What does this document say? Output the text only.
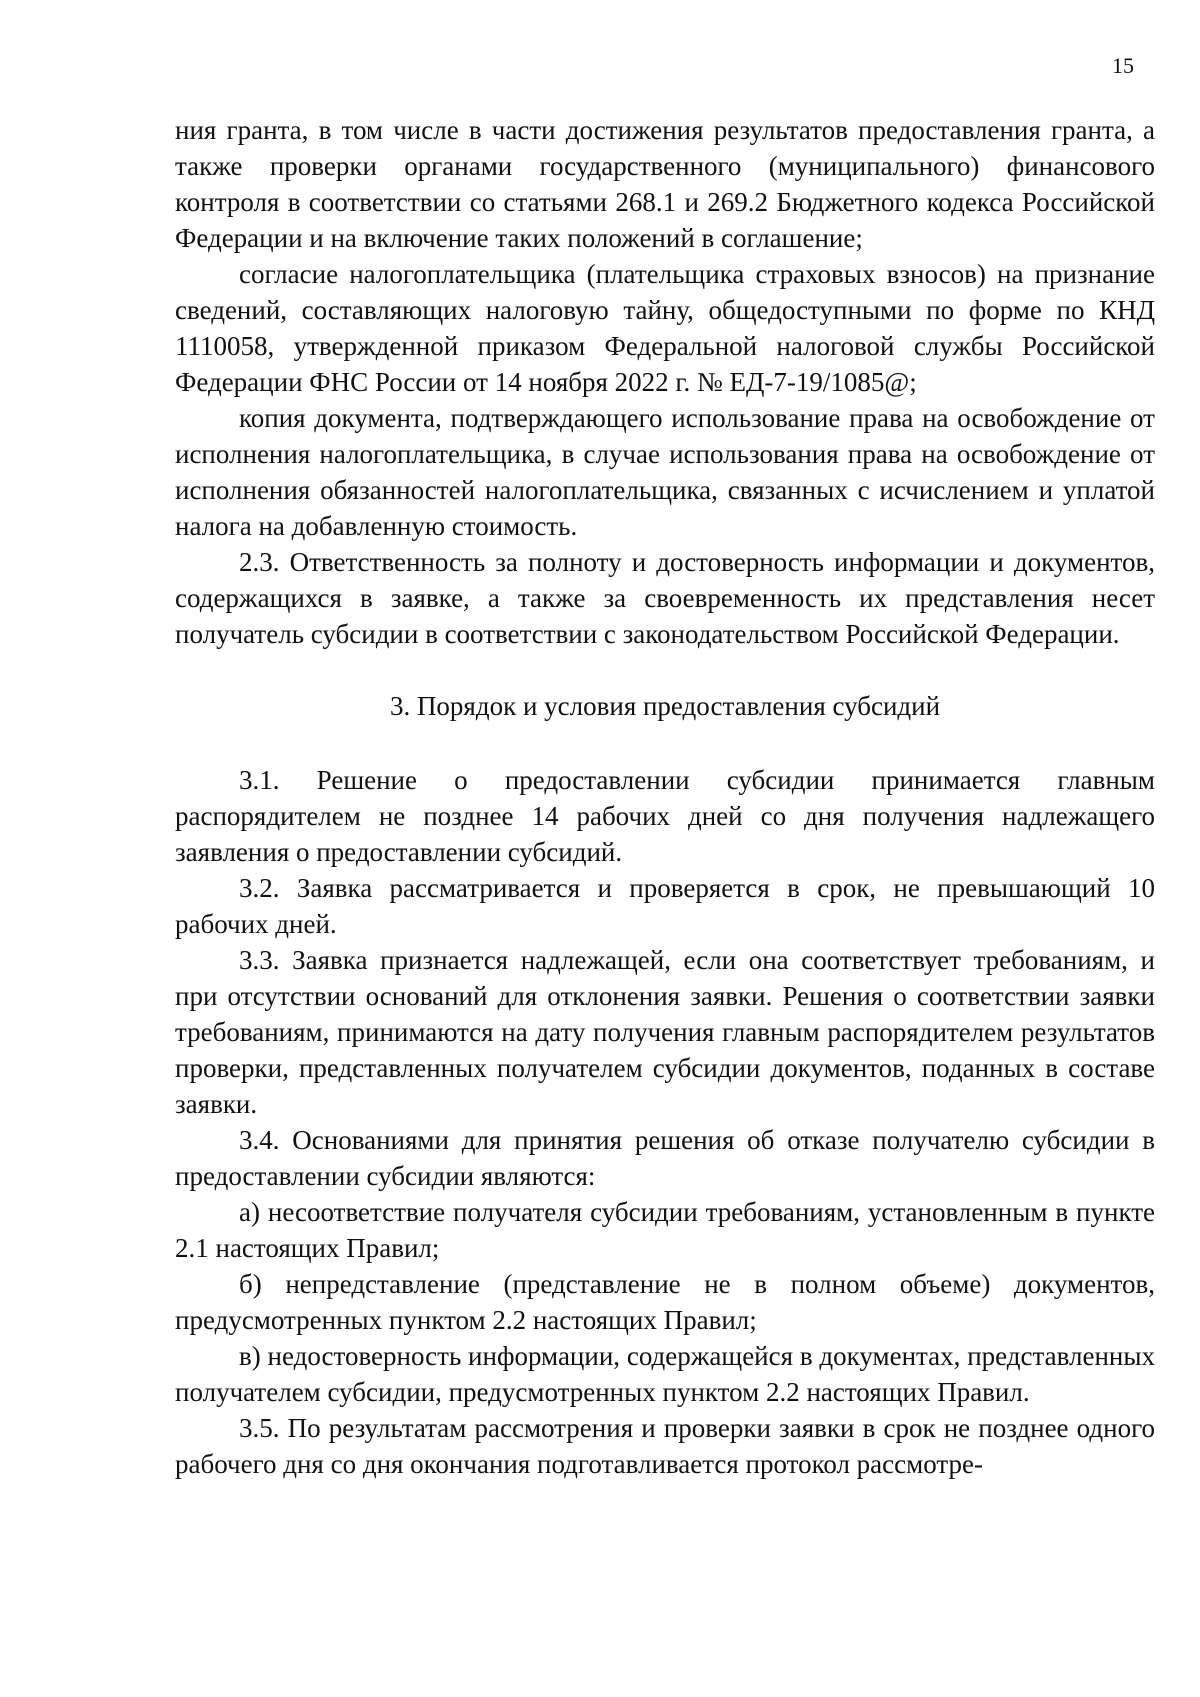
15

ния гранта, в том числе в части достижения результатов предоставления гранта, а также проверки органами государственного (муниципального) финансового контроля в соответствии со статьями 268.1 и 269.2 Бюджетного кодекса Российской Федерации и на включение таких положений в соглашение;

согласие налогоплательщика (плательщика страховых взносов) на признание сведений, составляющих налоговую тайну, общедоступными по форме по КНД 1110058, утвержденной приказом Федеральной налоговой службы Российской Федерации ФНС России от 14 ноября 2022 г. № ЕД-7-19/1085@;

копия документа, подтверждающего использование права на освобождение от исполнения налогоплательщика, в случае использования права на освобождение от исполнения обязанностей налогоплательщика, связанных с исчислением и уплатой налога на добавленную стоимость.

2.3. Ответственность за полноту и достоверность информации и документов, содержащихся в заявке, а также за своевременность их представления несет получатель субсидии в соответствии с законодательством Российской Федерации.

3. Порядок и условия предоставления субсидий

3.1. Решение о предоставлении субсидии принимается главным распорядителем не позднее 14 рабочих дней со дня получения надлежащего заявления о предоставлении субсидий.

3.2. Заявка рассматривается и проверяется в срок, не превышающий 10 рабочих дней.

3.3. Заявка признается надлежащей, если она соответствует требованиям, и при отсутствии оснований для отклонения заявки. Решения о соответствии заявки требованиям, принимаются на дату получения главным распорядителем результатов проверки, представленных получателем субсидии документов, поданных в составе заявки.

3.4. Основаниями для принятия решения об отказе получателю субсидии в предоставлении субсидии являются:

а) несоответствие получателя субсидии требованиям, установленным в пункте 2.1 настоящих Правил;

б) непредставление (представление не в полном объеме) документов, предусмотренных пунктом 2.2 настоящих Правил;

в) недостоверность информации, содержащейся в документах, представленных получателем субсидии, предусмотренных пунктом 2.2 настоящих Правил.

3.5. По результатам рассмотрения и проверки заявки в срок не позднее одного рабочего дня со дня окончания подготавливается протокол рассмотре-
